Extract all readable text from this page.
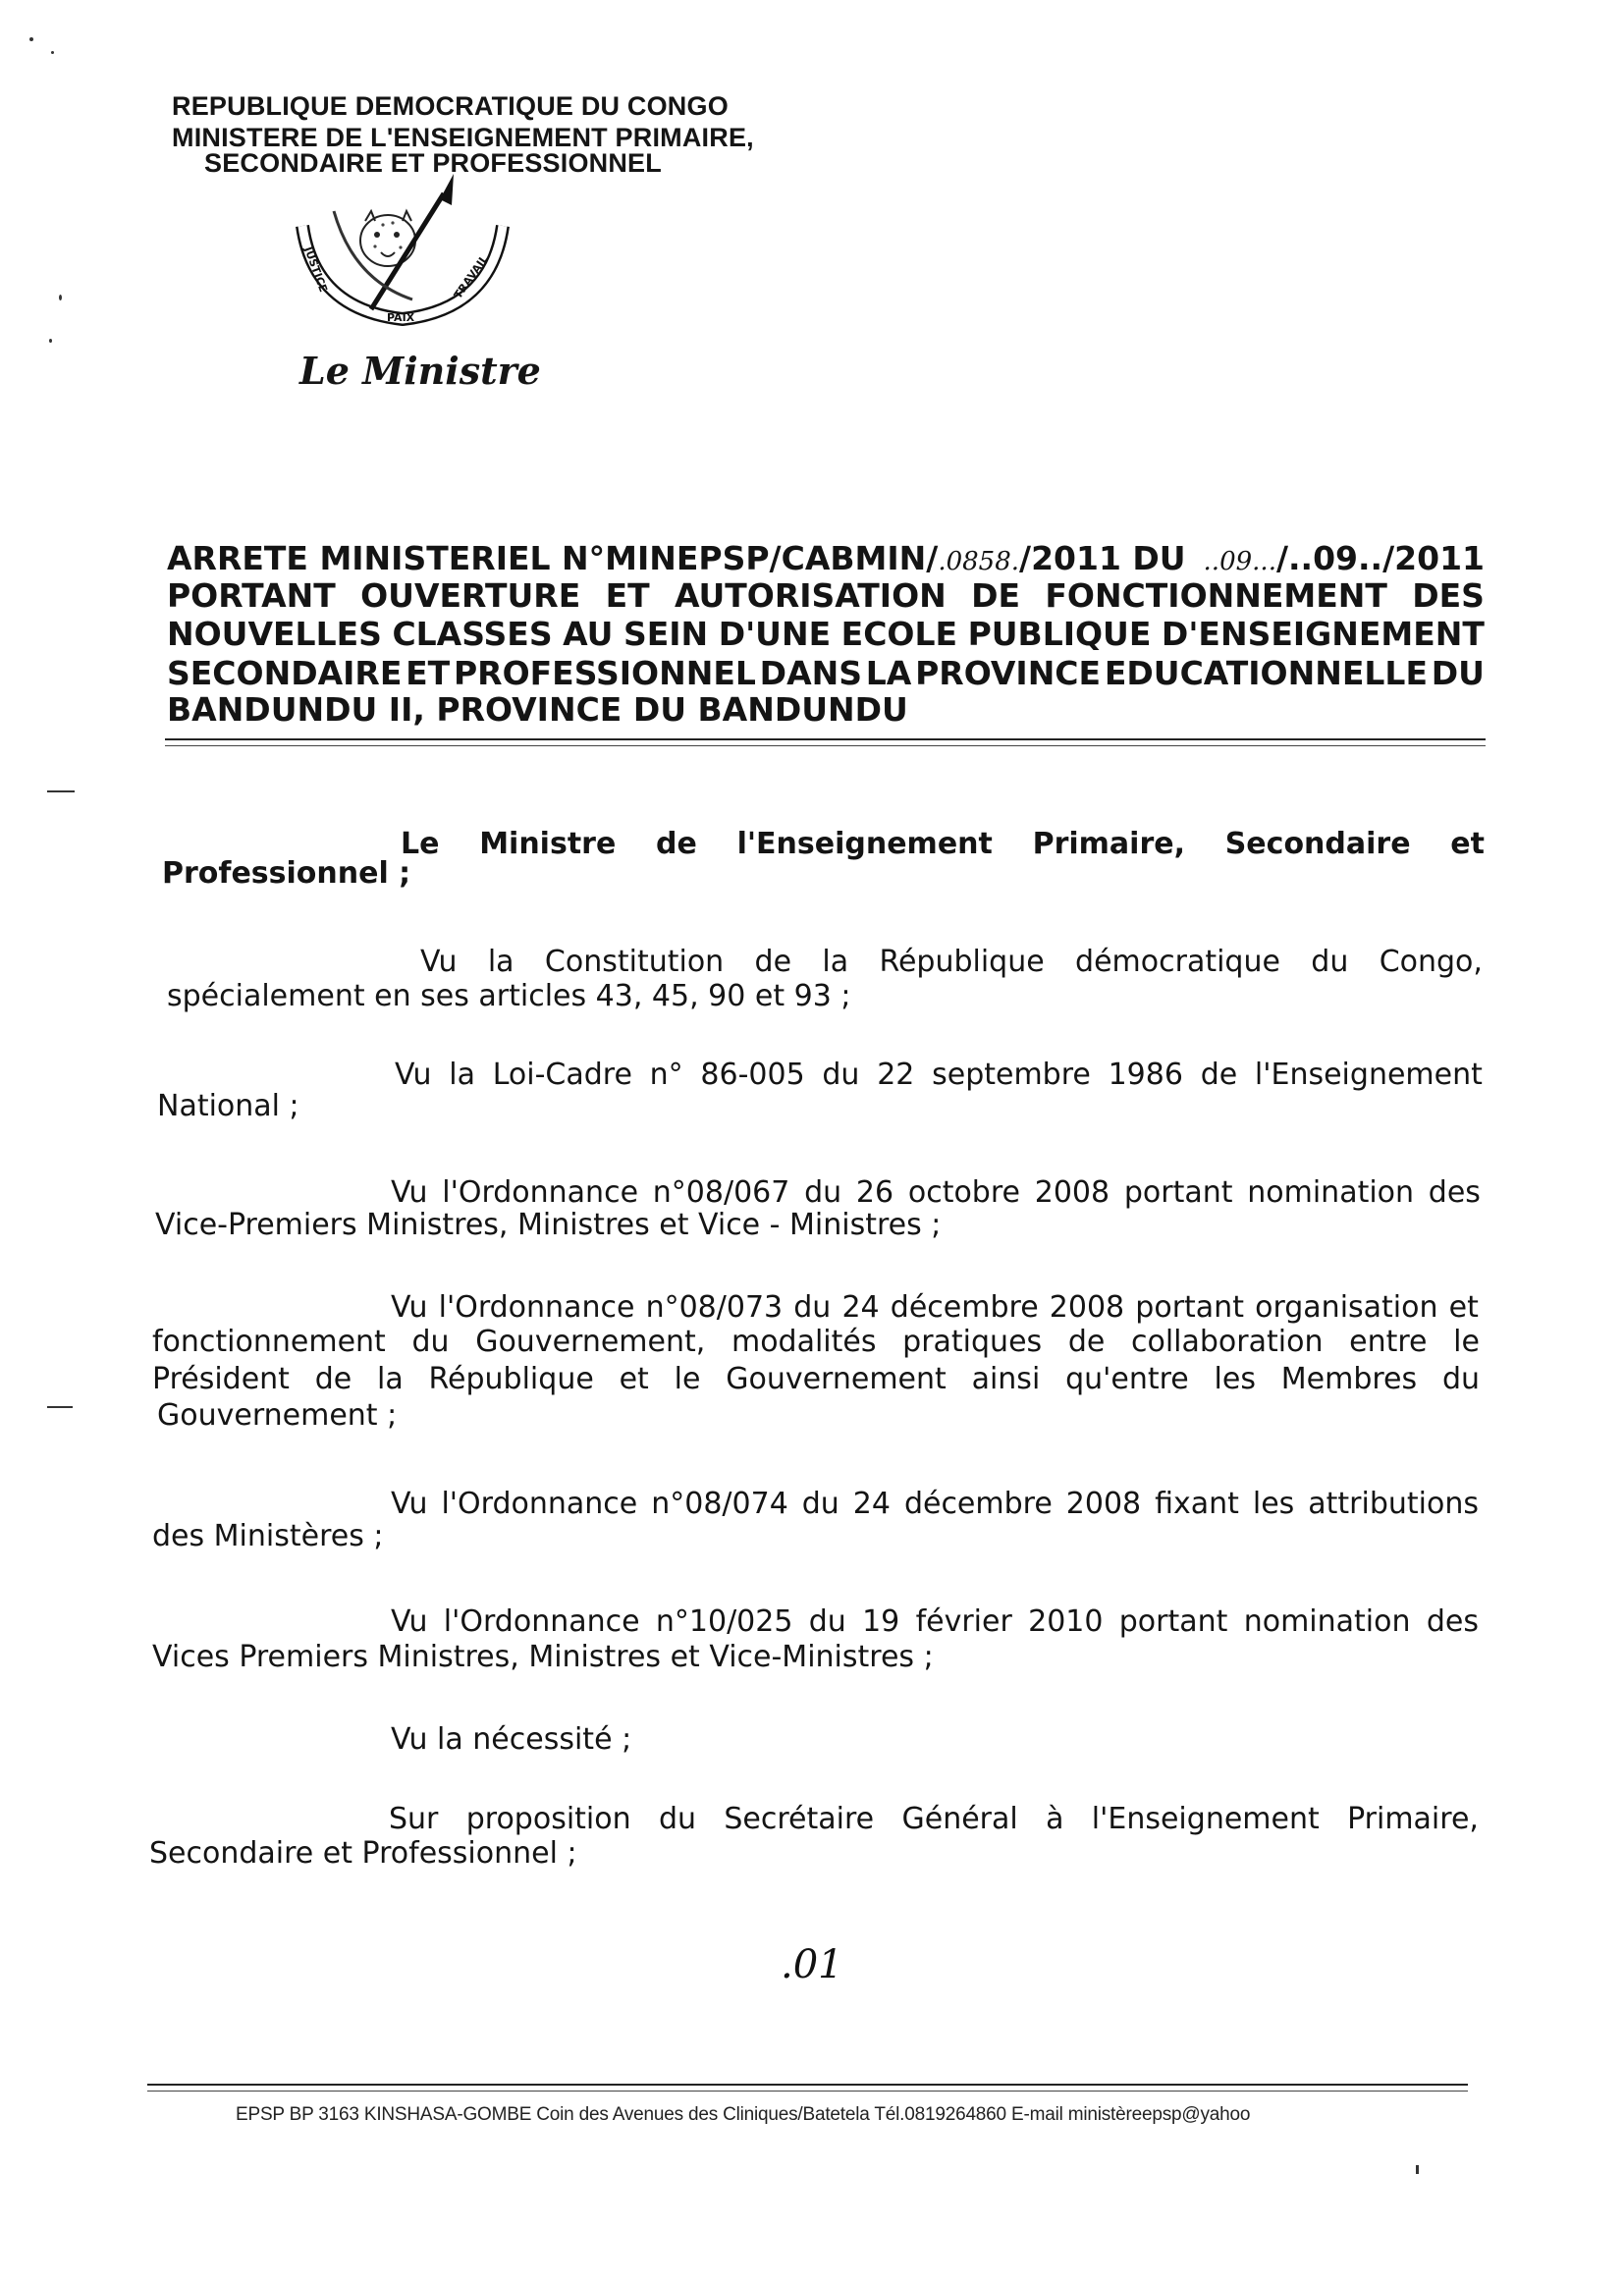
REPUBLIQUE DEMOCRATIQUE DU CONGO
MINISTERE DE L'ENSEIGNEMENT PRIMAIRE,
SECONDAIRE ET PROFESSIONNEL
JUSTICE
PAIX
TRAVAIL
Le Ministre
ARRETE MINISTERIEL N°MINEPSP/CABMIN/.0858./2011 DU ..09.../..09../2011
PORTANT OUVERTURE ET AUTORISATION DE FONCTIONNEMENT DES
NOUVELLES CLASSES AU SEIN D'UNE ECOLE PUBLIQUE D'ENSEIGNEMENT
SECONDAIRE ET PROFESSIONNEL DANS LA PROVINCE EDUCATIONNELLE DU
BANDUNDU II, PROVINCE DU BANDUNDU
Le Ministre de l'Enseignement Primaire, Secondaire et
Professionnel ;
Vu la Constitution de la République démocratique du Congo,
spécialement en ses articles 43, 45, 90 et 93 ;
Vu la Loi-Cadre n° 86-005 du 22 septembre 1986 de l'Enseignement
National ;
Vu l'Ordonnance n°08/067 du 26 octobre 2008 portant nomination des
Vice-Premiers Ministres, Ministres et Vice - Ministres ;
Vu l'Ordonnance n°08/073 du 24 décembre 2008 portant organisation et
fonctionnement du Gouvernement, modalités pratiques de collaboration entre le
Président de la République et le Gouvernement ainsi qu'entre les Membres du
Gouvernement ;
Vu l'Ordonnance n°08/074 du 24 décembre 2008 fixant les attributions
des Ministères ;
Vu l'Ordonnance n°10/025 du 19 février 2010 portant nomination des
Vices Premiers Ministres, Ministres et Vice-Ministres ;
Vu la nécessité ;
Sur proposition du Secrétaire Général à l'Enseignement Primaire,
Secondaire et Professionnel ;
.01
EPSP BP 3163 KINSHASA-GOMBE Coin des Avenues des Cliniques/Batetela Tél.0819264860 E-mail ministèreepsp@yahoo
